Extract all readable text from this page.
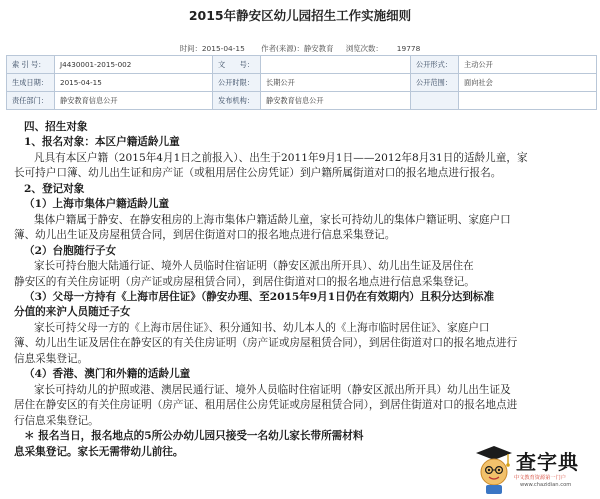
2015年静安区幼儿园招生工作实施细则
时间：2015-04-15 作者(来源)：静安教育 浏览次数： 19778
索 引 号：	J4430001-2015-002	文　　号：		公开形式：	主动公开
生成日期：	2015-04-15	公开时限：	长期公开	公开范围：	面向社会
责任部门：	静安教育信息公开	发布机构：	静安教育信息公开		

四、招生对象

1、报名对象：本区户籍适龄儿童

凡具有本区户籍（2015年4月1日之前报入）、出生于2011年9月1日——2012年8月31日的适龄儿童，家

长可持户口簿、幼儿出生证和房产证（或租用居住公房凭证）到户籍所属街道对口的报名地点进行报名。

2、登记对象

（1）上海市集体户籍适龄儿童

集体户籍属于静安、在静安租房的上海市集体户籍适龄儿童，家长可持幼儿的集体户籍证明、家庭户口

簿、幼儿出生证及房屋租赁合同，到居住街道对口的报名地点进行信息采集登记。

（2）台胞随行子女

家长可持台胞大陆通行证、境外人员临时住宿证明（静安区派出所开具）、幼儿出生证及居住在

静安区的有关住房证明（房产证或房屋租赁合同），到居住街道对口的报名地点进行信息采集登记。

（3）父母一方持有《上海市居住证》（静安办理、至2015年9月1日仍在有效期内）且积分达到标准

分值的来沪人员随迁子女

家长可持父母一方的《上海市居住证》、积分通知书、幼儿本人的《上海市临时居住证》、家庭户口

簿、幼儿出生证及居住在静安区的有关住房证明（房产证或房屋租赁合同），到居住街道对口的报名地点进行

信息采集登记。

（4）香港、澳门和外籍的适龄儿童

家长可持幼儿的护照或港、澳居民通行证、境外人员临时住宿证明（静安区派出所开具）幼儿出生证及

居住在静安区的有关住房证明（房产证、租用居住公房凭证或房屋租赁合同），到居住街道对口的报名地点进

行信息采集登记。

＊ 报名当日，报名地点的5所公办幼儿园只接受一名幼儿家长带所需材料

息采集登记。家长无需带幼儿前往。	查字典
中文教育资源第一门户
www.chazidian.com
